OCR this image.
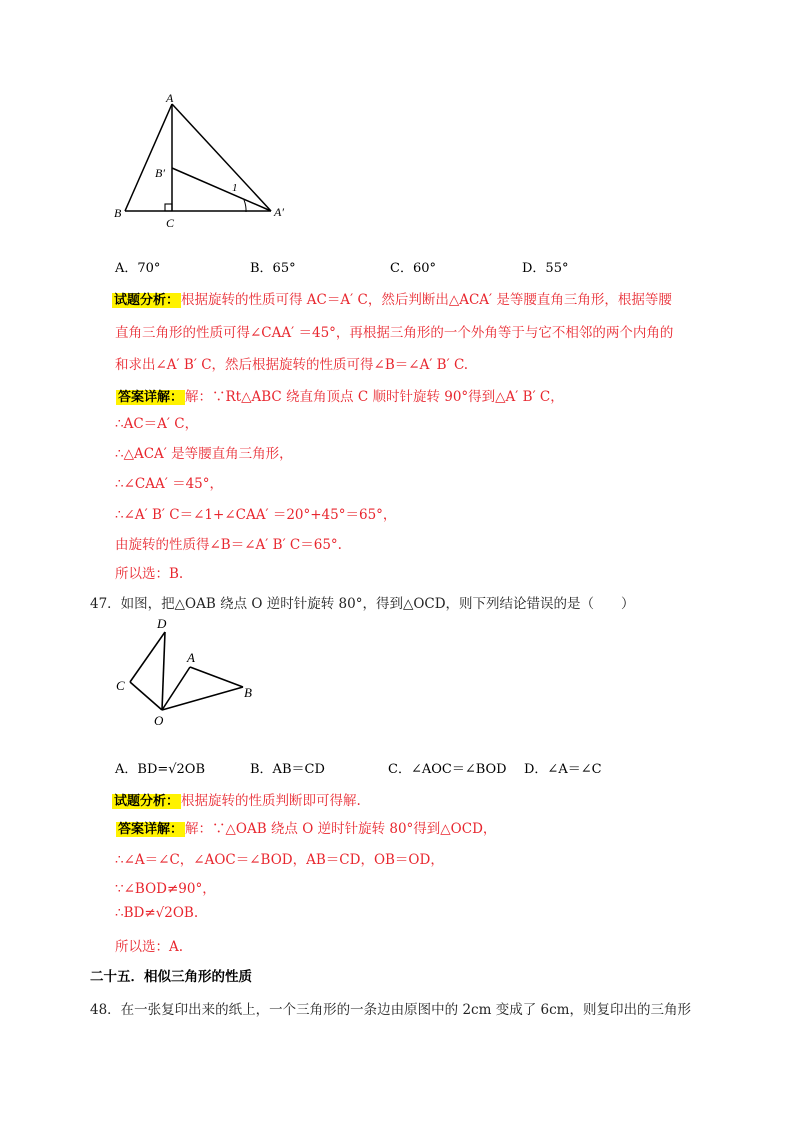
A
B
C
B′
A′
1
A．70°	B．65°	C．60°	D．55°
试题分析： 根据旋转的性质可得 AC＝A′ C，然后判断出△ACA′ 是等腰直角三角形，根据等腰
直角三角形的性质可得∠CAA′ ＝45°，再根据三角形的一个外角等于与它不相邻的两个内角的
和求出∠A′ B′ C，然后根据旋转的性质可得∠B＝∠A′ B′ C.
答案详解： 解：∵Rt△ABC 绕直角顶点 C 顺时针旋转 90°得到△A′ B′ C，
∴AC＝A′ C，
∴△ACA′ 是等腰直角三角形，
∴∠CAA′ ＝45°，
∴∠A′ B′ C＝∠1+∠CAA′ ＝20°+45°＝65°，
由旋转的性质得∠B＝∠A′ B′ C＝65°.
所以选：B.
47．如图，把△OAB 绕点 O 逆时针旋转 80°，得到△OCD，则下列结论错误的是（　　）
D
C
O
A
B
A．BD=√2OB	B．AB＝CD	C．∠AOC＝∠BOD D．∠A＝∠C
试题分析： 根据旋转的性质判断即可得解.
答案详解： 解：∵△OAB 绕点 O 逆时针旋转 80°得到△OCD，
∴∠A＝∠C，∠AOC＝∠BOD，AB＝CD，OB＝OD，
∵∠BOD≠90°，
∴BD≠√2OB.
所以选：A.
二十五．相似三角形的性质
48．在一张复印出来的纸上，一个三角形的一条边由原图中的 2cm 变成了 6cm，则复印出的三角形
